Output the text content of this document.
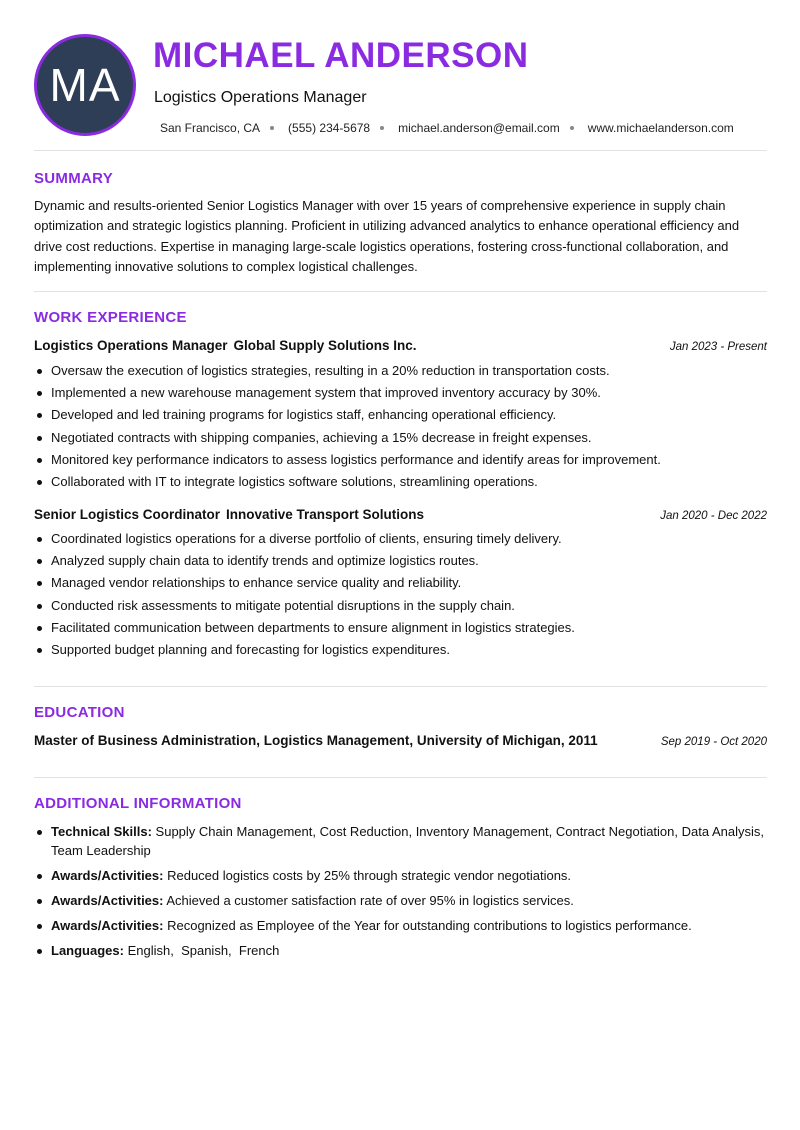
MA
MICHAEL ANDERSON
Logistics Operations Manager
San Francisco, CA (555) 234-5678 michael.anderson@email.com www.michaelanderson.com
SUMMARY

Dynamic and results-oriented Senior Logistics Manager with over 15 years of comprehensive experience in supply chain optimization and strategic logistics planning. Proficient in utilizing advanced analytics to enhance operational efficiency and drive cost reductions. Expertise in managing large-scale logistics operations, fostering cross-functional collaboration, and implementing innovative solutions to complex logistical challenges.

WORK EXPERIENCE
Logistics Operations Manager Global Supply Solutions Inc.	Jan 2023 - Present
Oversaw the execution of logistics strategies, resulting in a 20% reduction in transportation costs.
Implemented a new warehouse management system that improved inventory accuracy by 30%.
Developed and led training programs for logistics staff, enhancing operational efficiency.
Negotiated contracts with shipping companies, achieving a 15% decrease in freight expenses.
Monitored key performance indicators to assess logistics performance and identify areas for improvement.
Collaborated with IT to integrate logistics software solutions, streamlining operations.
Senior Logistics Coordinator Innovative Transport Solutions	Jan 2020 - Dec 2022
Coordinated logistics operations for a diverse portfolio of clients, ensuring timely delivery.
Analyzed supply chain data to identify trends and optimize logistics routes.
Managed vendor relationships to enhance service quality and reliability.
Conducted risk assessments to mitigate potential disruptions in the supply chain.
Facilitated communication between departments to ensure alignment in logistics strategies.
Supported budget planning and forecasting for logistics expenditures.
EDUCATION
Master of Business Administration, Logistics Management, University of Michigan, 2011	Sep 2019 - Oct 2020
ADDITIONAL INFORMATION
Technical Skills: Supply Chain Management, Cost Reduction, Inventory Management, Contract Negotiation, Data Analysis, Team Leadership
Awards/Activities: Reduced logistics costs by 25% through strategic vendor negotiations.
Awards/Activities: Achieved a customer satisfaction rate of over 95% in logistics services.
Awards/Activities: Recognized as Employee of the Year for outstanding contributions to logistics performance.
Languages: English,  Spanish,  French
